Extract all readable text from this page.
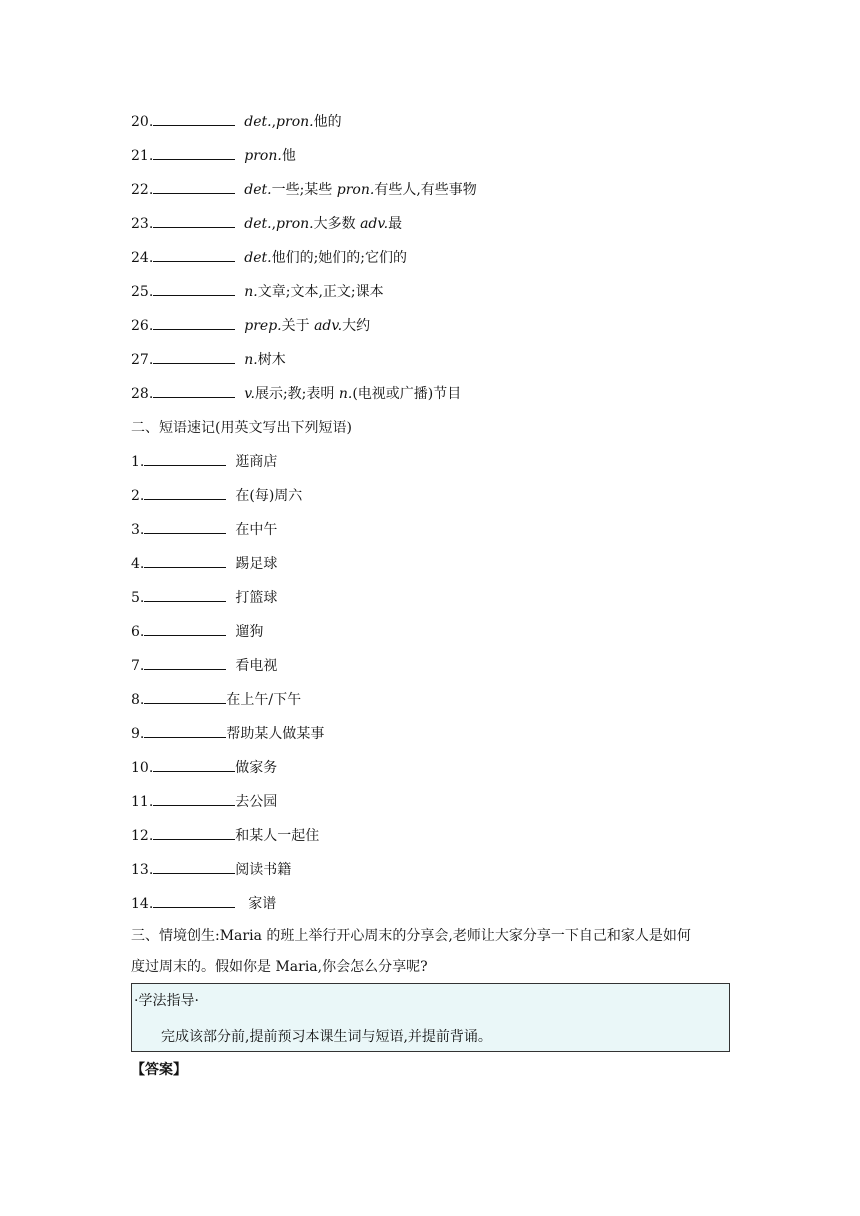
20.	det.,pron.他的
21.	pron.他
22.	det.一些;某些 pron.有些人,有些事物
23.	det.,pron.大多数 adv.最
24.	det.他们的;她们的;它们的
25.	n.文章;文本,正文;课本
26.	prep.关于 adv.大约
27.	n.树木
28.	v.展示;教;表明 n.(电视或广播)节目
二、短语速记(用英文写出下列短语)
1.	逛商店
2.	在(每)周六
3.	在中午
4.	踢足球
5.	打篮球
6.	遛狗
7.	看电视
8.	在上午/下午
9.	帮助某人做某事
10.	做家务
11.	去公园
12.	和某人一起住
13.	阅读书籍
14.	家谱
三、情境创生:Maria 的班上举行开心周末的分享会,老师让大家分享一下自己和家人是如何
度过周末的。假如你是 Maria,你会怎么分享呢?
·学法指导·
完成该部分前,提前预习本课生词与短语,并提前背诵。
【答案】
